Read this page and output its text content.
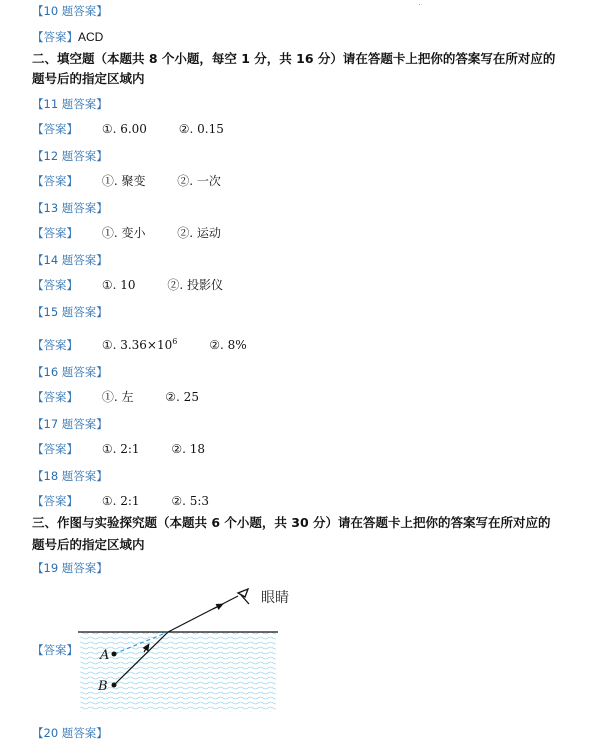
【10 题答案】
【答案】ACD
二、填空题（本题共 8 个小题，每空 1 分，共 16 分）请在答题卡上把你的答案写在所对应的
题号后的指定区域内
【11 题答案】
【答案】 ①. 6.00	②. 0.15
【12 题答案】
【答案】 ①. 聚变	②. 一次
【13 题答案】
【答案】 ①. 变小	②. 运动
【14 题答案】
【答案】 ①. 10	②. 投影仪
【15 题答案】
【答案】 ①. $3.36\times 10^6$	②. 8%
【16 题答案】
【答案】 ①. 左	②. 25
【17 题答案】
【答案】 ①. 2:1	②. 18
【18 题答案】
【答案】 ①. 2:1	②. 5:3
三、作图与实验探究题（本题共 6 个小题，共 30 分）请在答题卡上把你的答案写在所对应的
题号后的指定区域内
【19 题答案】
【答案】
眼睛
A
B
【20 题答案】
